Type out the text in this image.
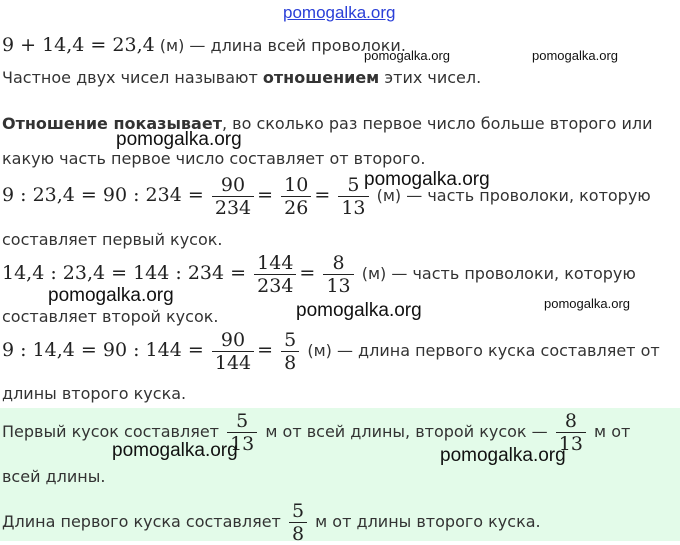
9 + 14,4 = 23,4 (м) — длина всей проволоки.
Частное двух чисел называют отношением этих чисел.
Отношение показывает, во сколько раз первое число больше второго или
какую часть первое число составляет от второго.
9 : 23,4 = 90 : $234 = \frac{90}{234} = \frac{10}{26} = \frac{5}{13} (м)$ — часть проволоки, которую
составляет первый кусок.
14,4 : 23,4 = 144 : $234 = \frac{144}{234} = \frac{8}{13} (м)$ — часть проволоки, которую
составляет второй кусок.
9 : 14,4 = 90 : $144 = \frac{90}{144} = \frac{5}{8} (м)$ — длина первого куска составляет от
длины второго куска.
Первый кусок составляет $\frac{5}{13}$ м от всей длины, второй кусок — $\frac{8}{13}$ м от
всей длины.
Длина первого куска составляет $\frac{5}{8}$ м от длины второго куска.
pomogalka.org
pomogalka.org	pomogalka.org
pomogalka.org
pomogalka.org
pomogalka.org	pomogalka.org
pomogalka.org
pomogalka.org	pomogalka.org
